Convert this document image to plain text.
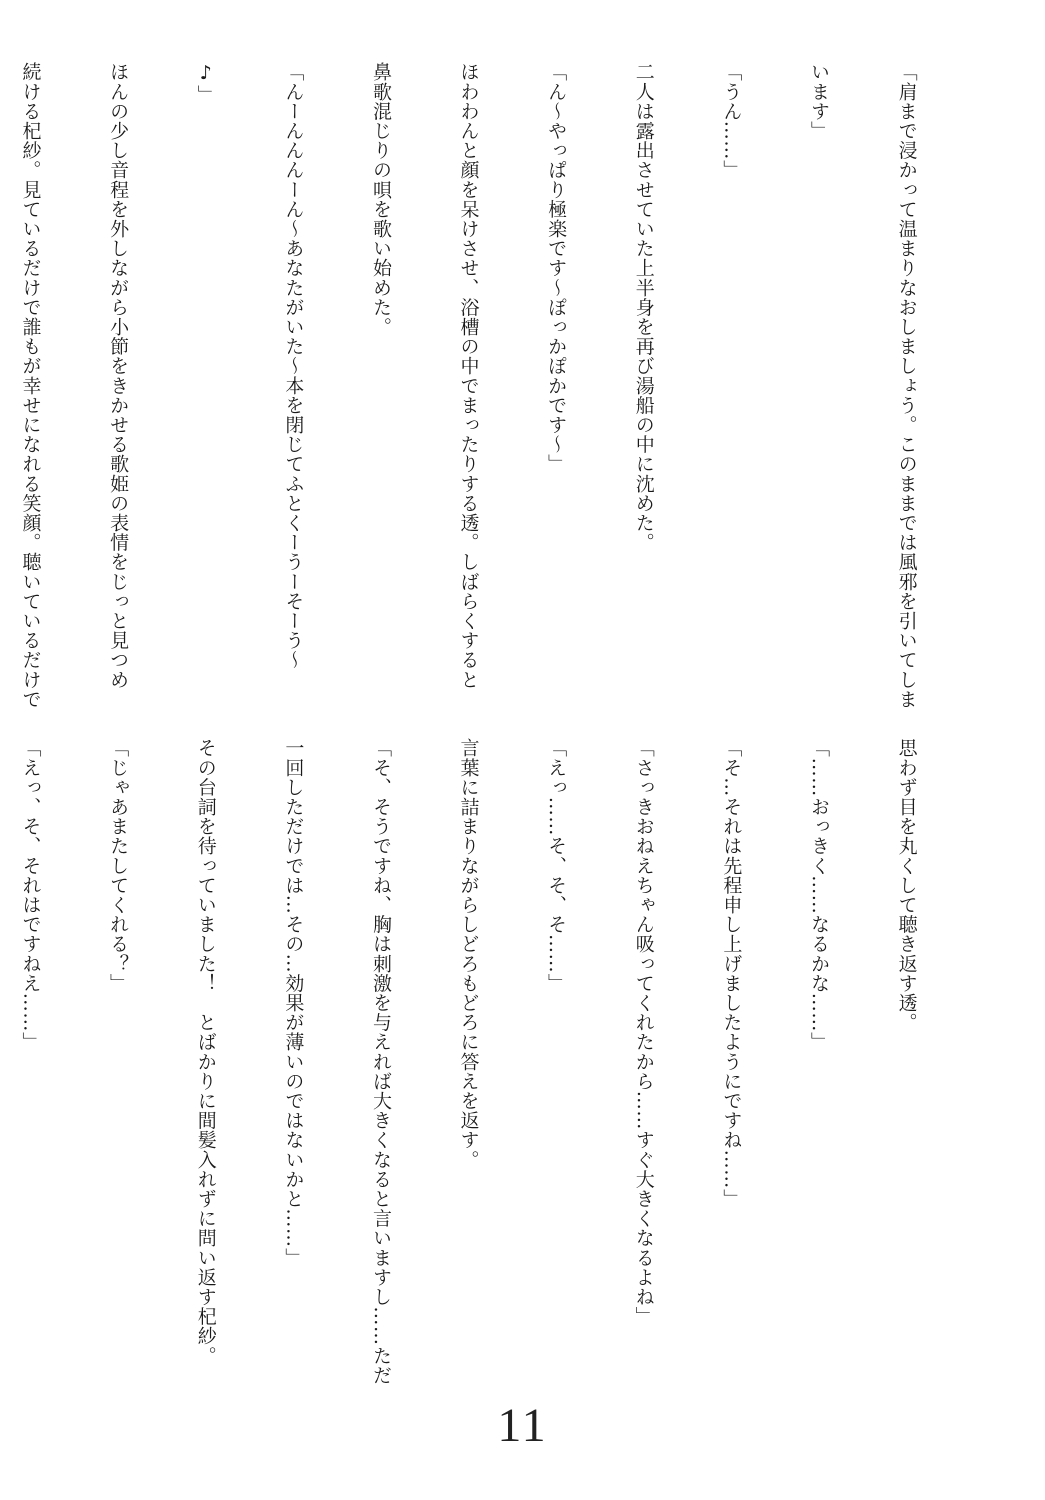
「肩まで浸かって温まりなおしましょう。このままでは風邪を引いてしま

います」

「うん……」

二人は露出させていた上半身を再び湯船の中に沈めた。

「ん〜やっぱり極楽です〜ぽっかぽかです〜」

ほわわんと顔を呆けさせ、浴槽の中でまったりする透。しばらくすると

鼻歌混じりの唄を歌い始めた。

「んーんんんーん〜あなたがいた〜本を閉じてふとくーうーそーう〜

♪」

ほんの少し音程を外しながら小節をきかせる歌姫の表情をじっと見つめ

続ける杞紗。見ているだけで誰もが幸せになれる笑顔。聴いているだけで

思わず目を丸くして聴き返す透。

「……おっきく……なるかな……」

「そ…それは先程申し上げましたようにですね……」

「さっきおねえちゃん吸ってくれたから……すぐ大きくなるよね」

「えっ……そ、そ、そ……」

言葉に詰まりながらしどろもどろに答えを返す。

「そ、そうですね、胸は刺激を与えれば大きくなると言いますし……ただ

一回しただけでは…その…効果が薄いのではないかと……」

その台詞を待っていました！　とばかりに間髪入れずに問い返す杞紗。

「じゃあまたしてくれる？」

「えっ、そ、それはですねえ……」

11
